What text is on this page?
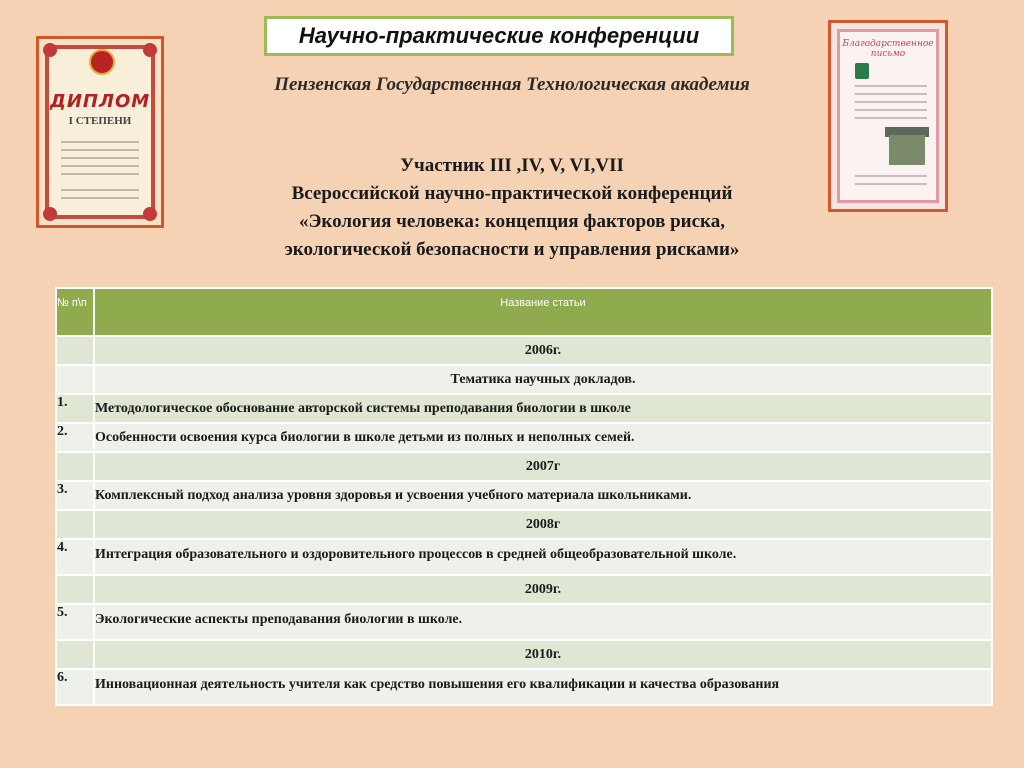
Научно-практические конференции
ДИПЛОМ
I СТЕПЕНИ
Благодарственное письмо
Пензенская Государственная Технологическая академия
Участник III ,IV, V, VI,VII
Всероссийской научно-практической конференций
«Экология человека: концепция факторов риска,
экологической безопасности и управления рисками»
№ п\п	Название статьи
	2006г.
	Тематика научных докладов.
1.	Методологическое обоснование авторской системы преподавания биологии в школе
2.	Особенности освоения курса биологии в школе детьми из полных и неполных семей.
	2007г
3.	Комплексный подход анализа уровня здоровья и усвоения учебного материала школьниками.
	2008г
4.	Интеграция образовательного и оздоровительного процессов в средней общеобразовательной школе.
	2009г.
5.	Экологические аспекты преподавания биологии в школе.
	2010г.
6.	Инновационная деятельность учителя как средство повышения его квалификации и качества образования
